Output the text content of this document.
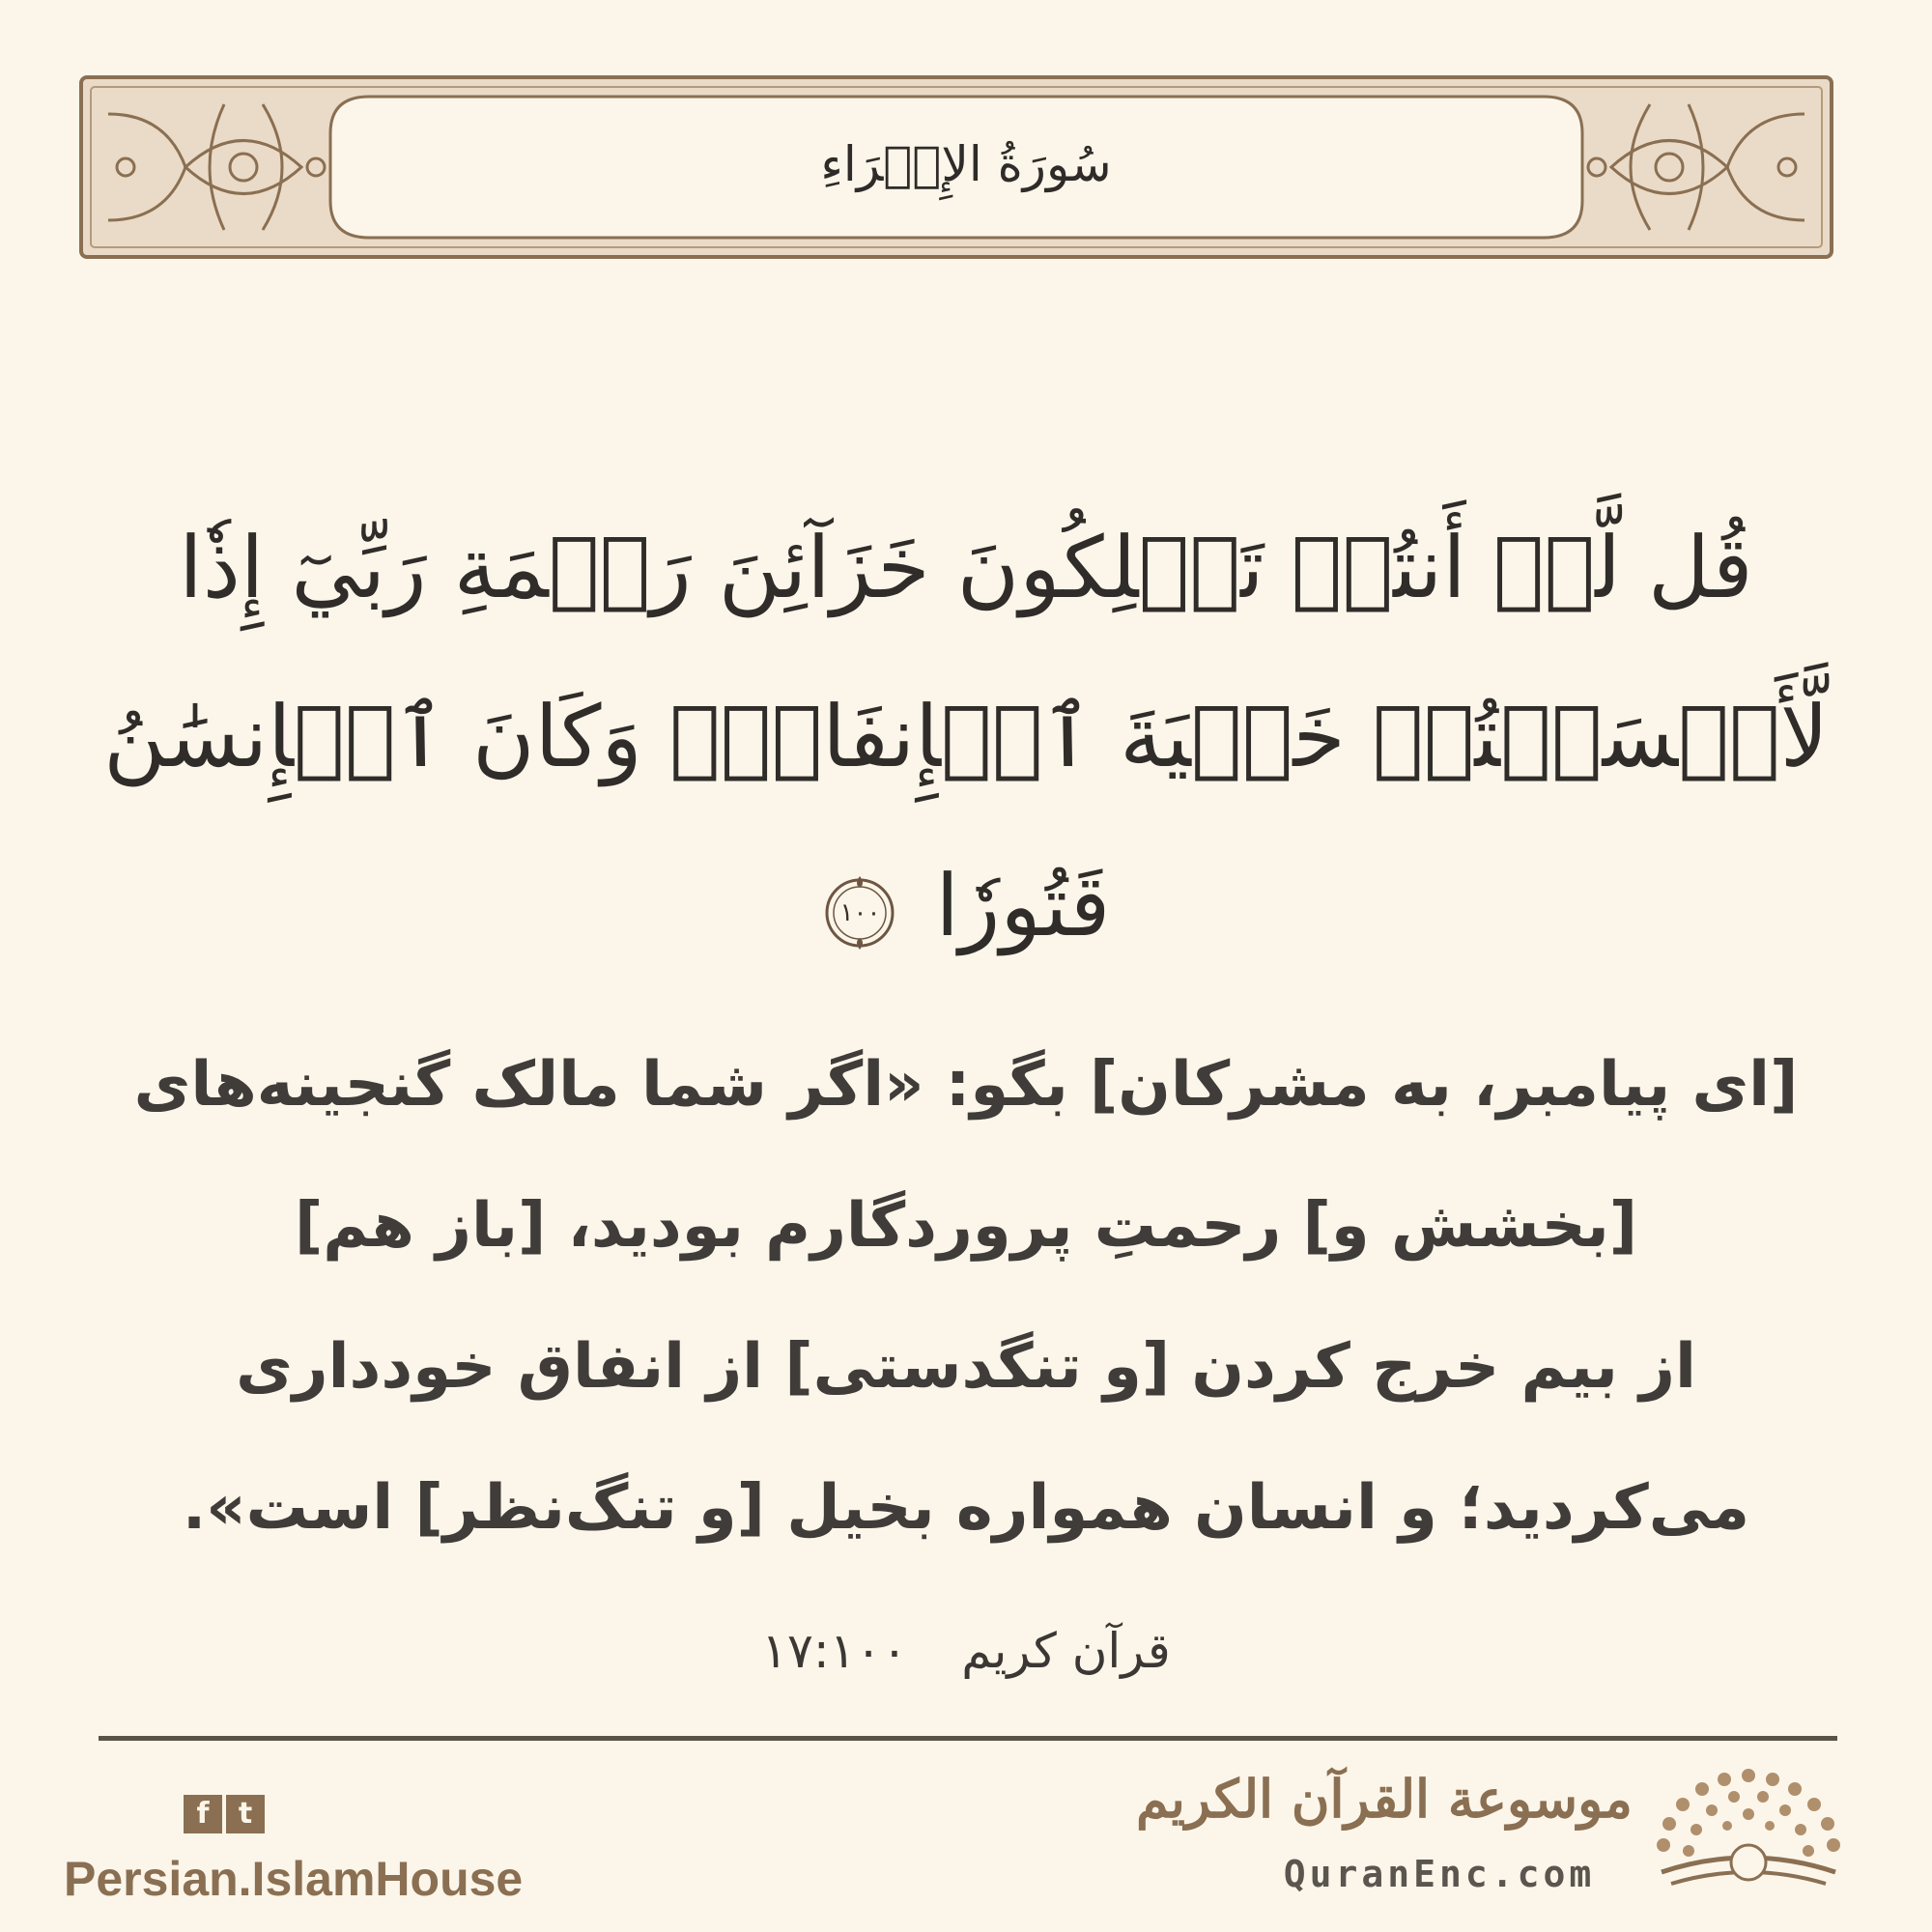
سُورَةُ الإِسۡرَاءِ
قُل لَّوۡ أَنتُمۡ تَمۡلِكُونَ خَزَآئِنَ رَحۡمَةِ رَبِّيٓ إِذٗا
لَّأَمۡسَكۡتُمۡ خَشۡيَةَ ٱلۡإِنفَاقِۚ وَكَانَ ٱلۡإِنسَٰنُ قَتُورٗا
١٠٠
[ای پیامبر، به مشرکان] بگو: «اگر شما مالک گنجینه‌های
[بخشش و] رحمتِ پروردگارم بودید، [باز هم]
از بیم خرج کردن [و تنگدستی] از انفاق خودداری
می‌کردید؛ و انسان همواره بخیل [و تنگ‌نظر] است».
قرآن کریم ١٧:١٠٠
f t
Persian.IslamHouse
موسوعة القرآن الكريم
QuranEnc.com
